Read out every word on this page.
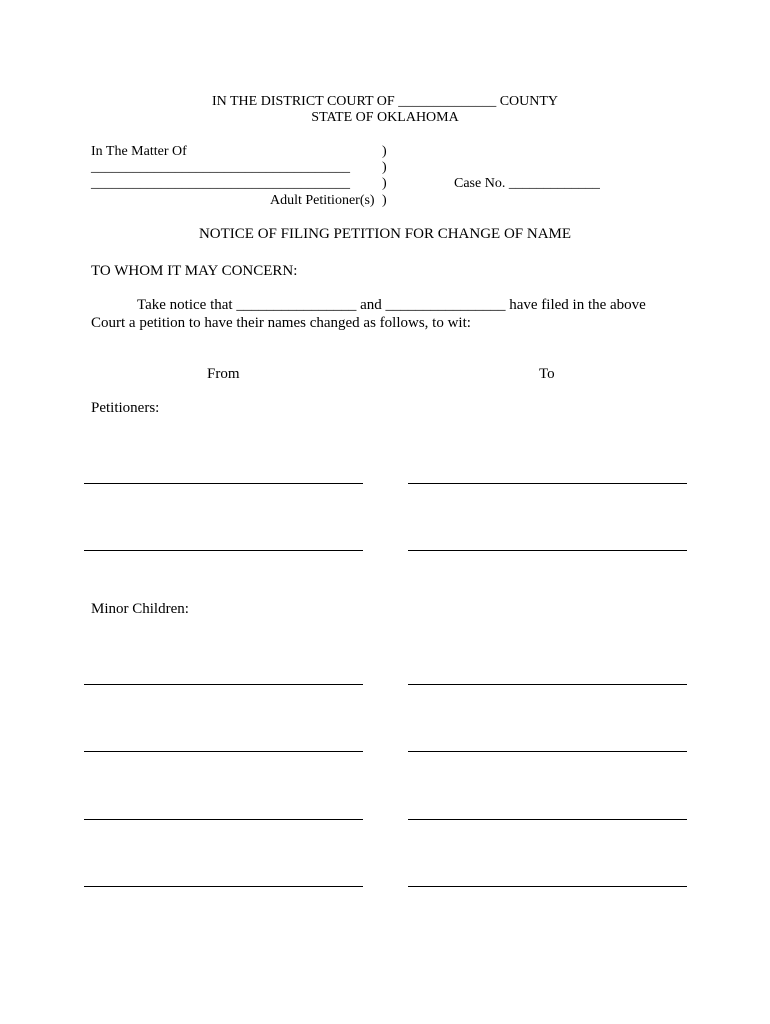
IN THE DISTRICT COURT OF ______________ COUNTY
STATE OF OKLAHOMA
In The Matter Of
_____________________________________
_____________________________________
Adult Petitioner(s)
)
)
)
)
Case No. _____________
NOTICE OF FILING PETITION FOR CHANGE OF NAME
TO WHOM IT MAY CONCERN:
Take notice that ________________ and ________________ have filed in the above
Court a petition to have their names changed as follows, to wit:
From	To
Petitioners:
Minor Children:
